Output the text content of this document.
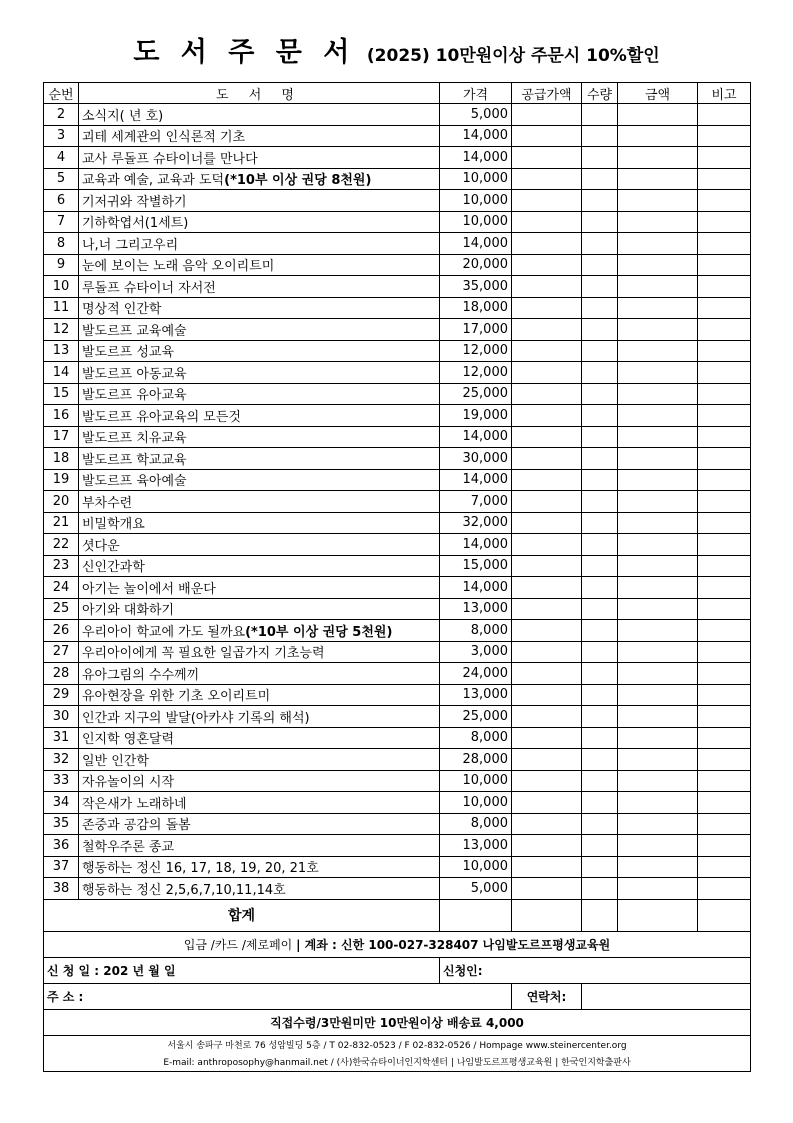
도 서 주 문 서 (2025) 10만원이상 주문시 10%할인
순번	도 서 명	가격	공급가액	수량	금액	비고
2	소식지( 년 호)	5,000				
3	괴테 세계관의 인식론적 기초	14,000				
4	교사 루돌프 슈타이너를 만나다	14,000				
5	교육과 예술, 교육과 도덕(*10부 이상 권당 8천원)	10,000				
6	기저귀와 작별하기	10,000				
7	기하학엽서(1세트)	10,000				
8	나,너 그리고우리	14,000				
9	눈에 보이는 노래 음악 오이리트미	20,000				
10	루돌프 슈타이너 자서전	35,000				
11	명상적 인간학	18,000				
12	발도르프 교육예술	17,000				
13	발도르프 성교육	12,000				
14	발도르프 아동교육	12,000				
15	발도르프 유아교육	25,000				
16	발도르프 유아교육의 모든것	19,000				
17	발도르프 치유교육	14,000				
18	발도르프 학교교육	30,000				
19	발도르프 육아예술	14,000				
20	부차수련	7,000				
21	비밀학개요	32,000				
22	셧다운	14,000				
23	신인간과학	15,000				
24	아기는 놀이에서 배운다	14,000				
25	아기와 대화하기	13,000				
26	우리아이 학교에 가도 될까요(*10부 이상 권당 5천원)	8,000				
27	우리아이에게 꼭 필요한 일곱가지 기초능력	3,000				
28	유아그림의 수수께끼	24,000				
29	유아현장을 위한 기초 오이리트미	13,000				
30	인간과 지구의 발달(아카샤 기록의 해석)	25,000				
31	인지학 영혼달력	8,000				
32	일반 인간학	28,000				
33	자유놀이의 시작	10,000				
34	작은새가 노래하네	10,000				
35	존중과 공감의 돌봄	8,000				
36	철학우주론 종교	13,000				
37	행동하는 정신 16, 17, 18, 19, 20, 21호	10,000				
38	행동하는 정신 2,5,6,7,10,11,14호	5,000				
합계						
입금 /카드 /제로페이 | 계좌 : 신한 100-027-328407 나임발도르프평생교육원						
신 청 일 : 202 년 월 일		신청인:				
주 소 :			연락처:			
직접수령/3만원미만 10만원이상 배송료 4,000						
서울시 송파구 마천로 76 성암빌딩 5층 / T 02-832-0523 / F 02-832-0526 / Hompage www.steinercenter.org						
E-mail: anthroposophy@hanmail.net / (사)한국슈타이너인지학센터 | 나임발도르프평생교육원 | 한국인지학출판사						
